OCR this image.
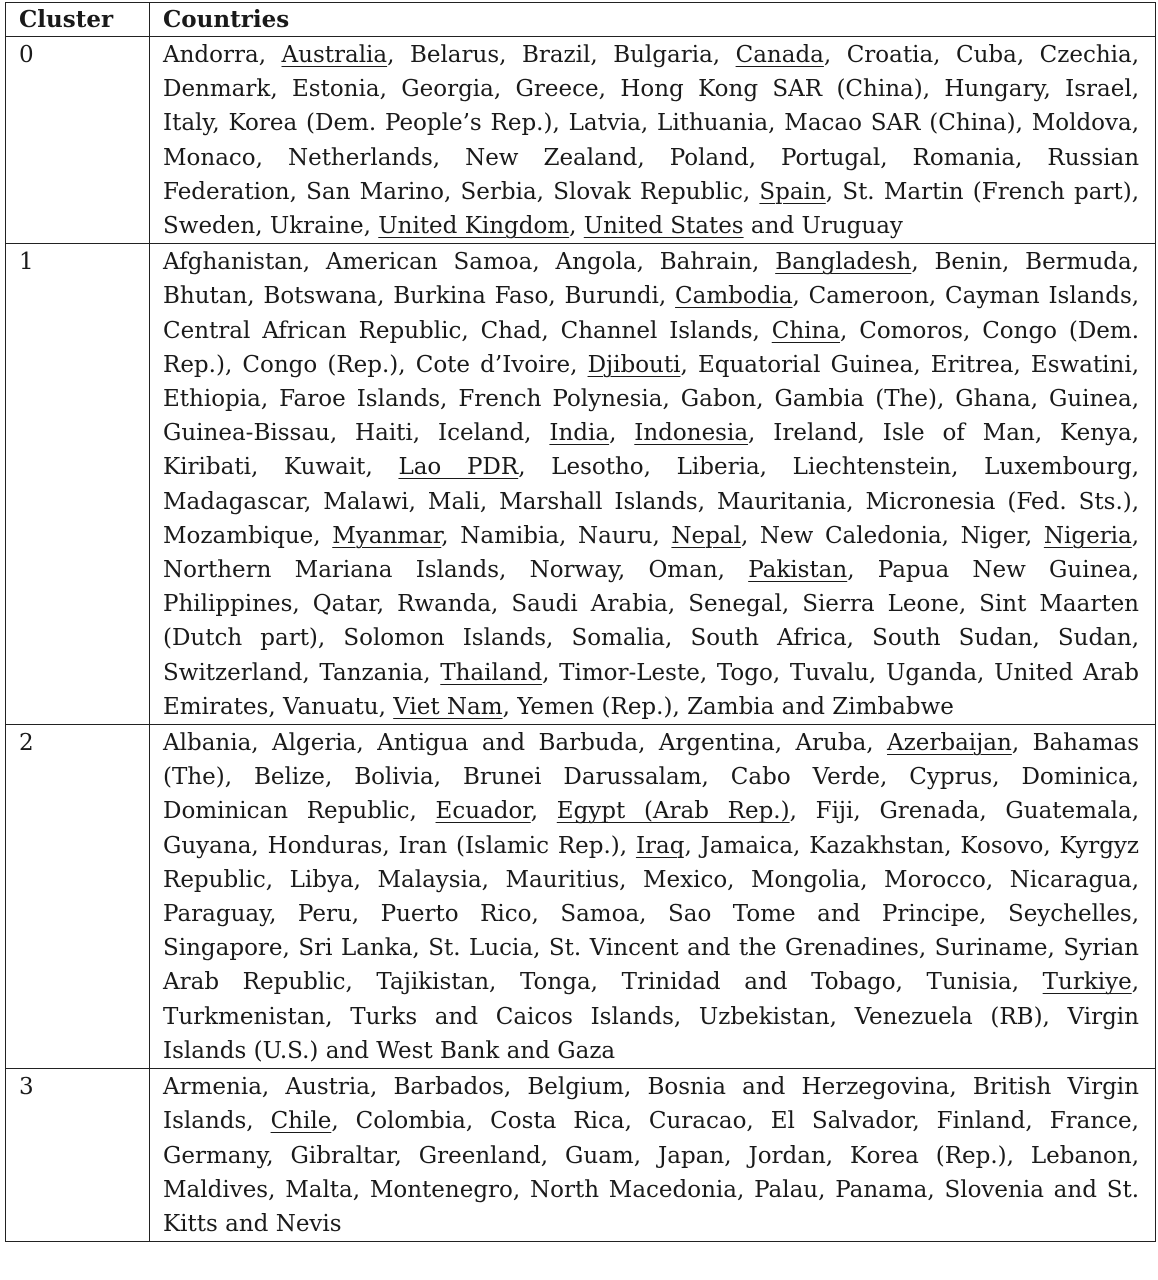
Cluster	Countries
0	Andorra, Australia, Belarus, Brazil, Bulgaria, Canada, Croatia, Cuba, Czechia, Denmark, Estonia, Georgia, Greece, Hong Kong SAR (China), Hungary, Israel, Italy, Korea (Dem. People’s Rep.), Latvia, Lithuania, Macao SAR (China), Moldova, Monaco, Netherlands, New Zealand, Poland, Portugal, Romania, Russian Federation, San Marino, Serbia, Slovak Republic, Spain, St. Martin (French part), Sweden, Ukraine, United Kingdom, United States and Uruguay
1	Afghanistan, American Samoa, Angola, Bahrain, Bangladesh, Benin, Bermuda, Bhutan, Botswana, Burkina Faso, Burundi, Cambodia, Cameroon, Cayman Islands, Central African Republic, Chad, Channel Islands, China, Comoros, Congo (Dem. Rep.), Congo (Rep.), Cote d’Ivoire, Djibouti, Equatorial Guinea, Eritrea, Eswatini, Ethiopia, Faroe Islands, French Polynesia, Gabon, Gambia (The), Ghana, Guinea, Guinea-Bissau, Haiti, Iceland, India, Indonesia, Ireland, Isle of Man, Kenya, Kiribati, Kuwait, Lao PDR, Lesotho, Liberia, Liechtenstein, Luxembourg, Madagascar, Malawi, Mali, Marshall Islands, Mauritania, Micronesia (Fed. Sts.), Mozambique, Myanmar, Namibia, Nauru, Nepal, New Caledonia, Niger, Nigeria, Northern Mariana Islands, Norway, Oman, Pakistan, Papua New Guinea, Philippines, Qatar, Rwanda, Saudi Arabia, Senegal, Sierra Leone, Sint Maarten (Dutch part), Solomon Islands, Somalia, South Africa, South Sudan, Sudan, Switzerland, Tanzania, Thailand, Timor-Leste, Togo, Tuvalu, Uganda, United Arab Emirates, Vanuatu, Viet Nam, Yemen (Rep.), Zambia and Zimbabwe
2	Albania, Algeria, Antigua and Barbuda, Argentina, Aruba, Azerbaijan, Bahamas (The), Belize, Bolivia, Brunei Darussalam, Cabo Verde, Cyprus, Dominica, Dominican Republic, Ecuador, Egypt (Arab Rep.), Fiji, Grenada, Guatemala, Guyana, Honduras, Iran (Islamic Rep.), Iraq, Jamaica, Kazakhstan, Kosovo, Kyrgyz Republic, Libya, Malaysia, Mauritius, Mexico, Mongolia, Morocco, Nicaragua, Paraguay, Peru, Puerto Rico, Samoa, Sao Tome and Principe, Seychelles, Singapore, Sri Lanka, St. Lucia, St. Vincent and the Grenadines, Suriname, Syrian Arab Republic, Tajikistan, Tonga, Trinidad and Tobago, Tunisia, Turkiye, Turkmenistan, Turks and Caicos Islands, Uzbekistan, Venezuela (RB), Virgin Islands (U.S.) and West Bank and Gaza
3	Armenia, Austria, Barbados, Belgium, Bosnia and Herzegovina, British Virgin Islands, Chile, Colombia, Costa Rica, Curacao, El Salvador, Finland, France, Germany, Gibraltar, Greenland, Guam, Japan, Jordan, Korea (Rep.), Lebanon, Maldives, Malta, Montenegro, North Macedonia, Palau, Panama, Slovenia and St. Kitts and Nevis
